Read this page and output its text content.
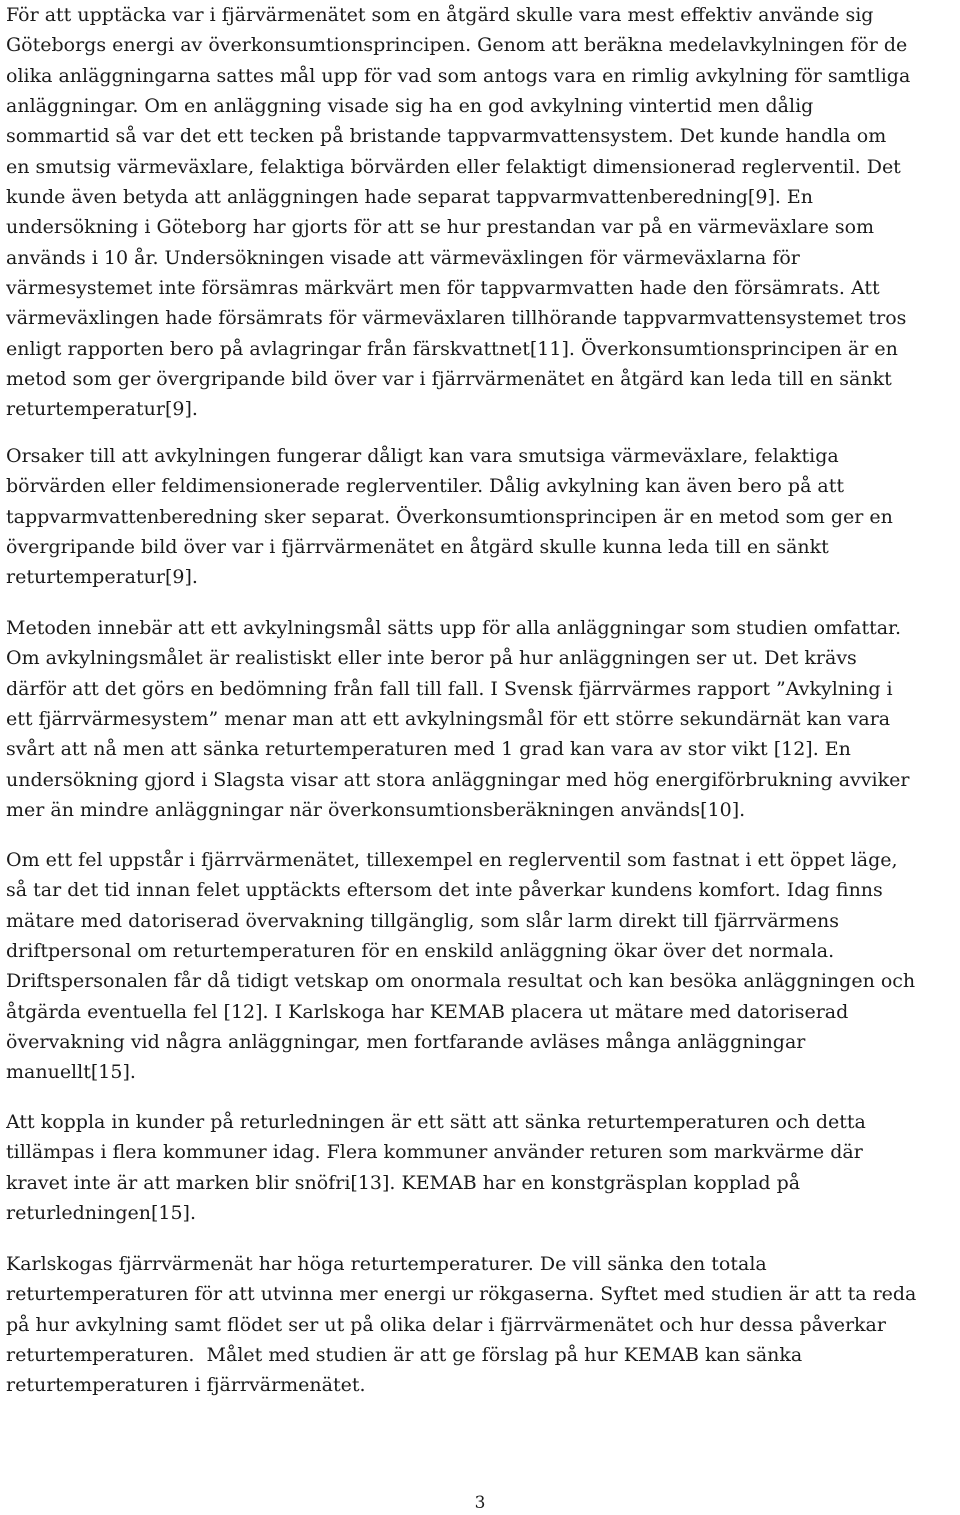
För att upptäcka var i fjärvärmenätet som en åtgärd skulle vara mest effektiv använde sig
Göteborgs energi av överkonsumtionsprincipen. Genom att beräkna medelavkylningen för de
olika anläggningarna sattes mål upp för vad som antogs vara en rimlig avkylning för samtliga
anläggningar. Om en anläggning visade sig ha en god avkylning vintertid men dålig
sommartid så var det ett tecken på bristande tappvarmvattensystem. Det kunde handla om
en smutsig värmeväxlare, felaktiga börvärden eller felaktigt dimensionerad reglerventil. Det
kunde även betyda att anläggningen hade separat tappvarmvattenberedning[9]. En
undersökning i Göteborg har gjorts för att se hur prestandan var på en värmeväxlare som
används i 10 år. Undersökningen visade att värmeväxlingen för värmeväxlarna för
värmesystemet inte försämras märkvärt men för tappvarmvatten hade den försämrats. Att
värmeväxlingen hade försämrats för värmeväxlaren tillhörande tappvarmvattensystemet tros
enligt rapporten bero på avlagringar från färskvattnet[11]. Överkonsumtionsprincipen är en
metod som ger övergripande bild över var i fjärrvärmenätet en åtgärd kan leda till en sänkt
returtemperatur[9].
Orsaker till att avkylningen fungerar dåligt kan vara smutsiga värmeväxlare, felaktiga
börvärden eller feldimensionerade reglerventiler. Dålig avkylning kan även bero på att
tappvarmvattenberedning sker separat. Överkonsumtionsprincipen är en metod som ger en
övergripande bild över var i fjärrvärmenätet en åtgärd skulle kunna leda till en sänkt
returtemperatur[9].
Metoden innebär att ett avkylningsmål sätts upp för alla anläggningar som studien omfattar.
Om avkylningsmålet är realistiskt eller inte beror på hur anläggningen ser ut. Det krävs
därför att det görs en bedömning från fall till fall. I Svensk fjärrvärmes rapport ”Avkylning i
ett fjärrvärmesystem” menar man att ett avkylningsmål för ett större sekundärnät kan vara
svårt att nå men att sänka returtemperaturen med 1 grad kan vara av stor vikt [12]. En
undersökning gjord i Slagsta visar att stora anläggningar med hög energiförbrukning avviker
mer än mindre anläggningar när överkonsumtionsberäkningen används[10].
Om ett fel uppstår i fjärrvärmenätet, tillexempel en reglerventil som fastnat i ett öppet läge,
så tar det tid innan felet upptäckts eftersom det inte påverkar kundens komfort. Idag finns
mätare med datoriserad övervakning tillgänglig, som slår larm direkt till fjärrvärmens
driftpersonal om returtemperaturen för en enskild anläggning ökar över det normala.
Driftspersonalen får då tidigt vetskap om onormala resultat och kan besöka anläggningen och
åtgärda eventuella fel [12]. I Karlskoga har KEMAB placera ut mätare med datoriserad
övervakning vid några anläggningar, men fortfarande avläses många anläggningar
manuellt[15].
Att koppla in kunder på returledningen är ett sätt att sänka returtemperaturen och detta
tillämpas i flera kommuner idag. Flera kommuner använder returen som markvärme där
kravet inte är att marken blir snöfri[13]. KEMAB har en konstgräsplan kopplad på
returledningen[15].
Karlskogas fjärrvärmenät har höga returtemperaturer. De vill sänka den totala
returtemperaturen för att utvinna mer energi ur rökgaserna. Syftet med studien är att ta reda
på hur avkylning samt flödet ser ut på olika delar i fjärrvärmenätet och hur dessa påverkar
returtemperaturen.  Målet med studien är att ge förslag på hur KEMAB kan sänka
returtemperaturen i fjärrvärmenätet.
3
